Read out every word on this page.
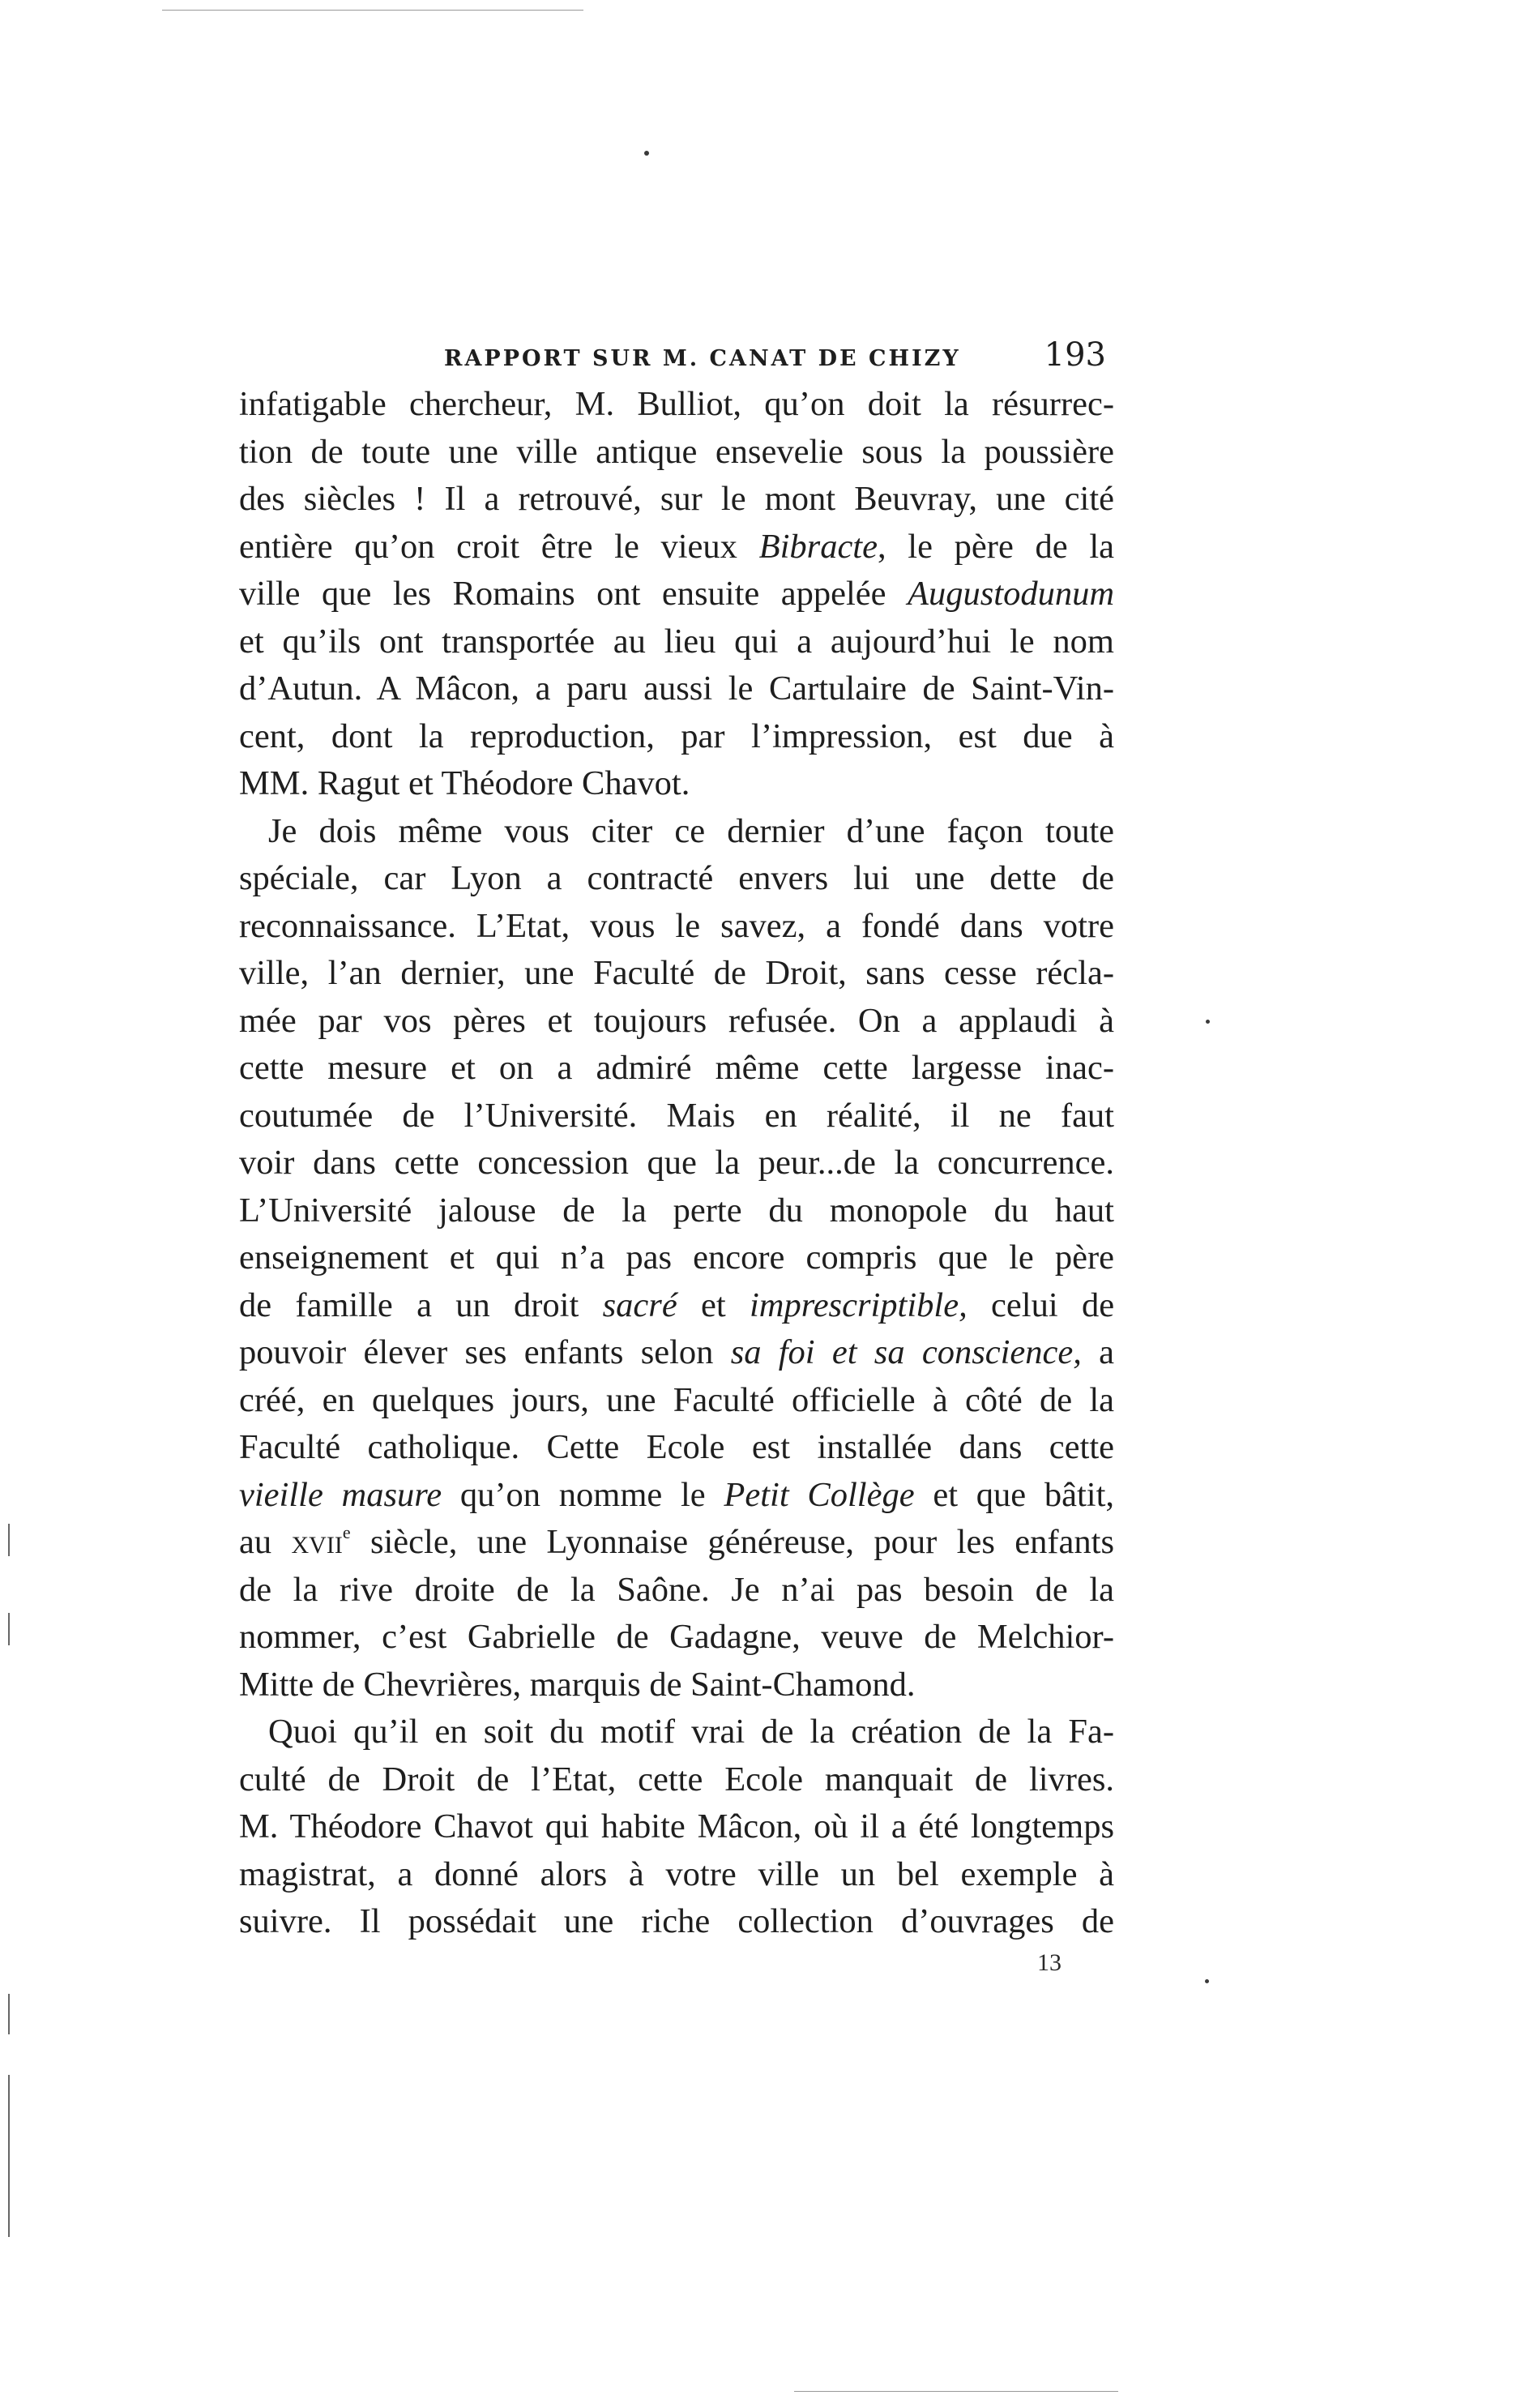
RAPPORT SUR M. CANAT DE CHIZY	193
infatigable chercheur, M. Bulliot, qu’on doit la résurrec-
tion de toute une ville antique ensevelie sous la poussière
des siècles ! Il a retrouvé, sur le mont Beuvray, une cité
entière qu’on croit être le vieux Bibracte, le père de la
ville que les Romains ont ensuite appelée Augustodunum
et qu’ils ont transportée au lieu qui a aujourd’hui le nom
d’Autun. A Mâcon, a paru aussi le Cartulaire de Saint-Vin-
cent, dont la reproduction, par l’impression, est due à
MM. Ragut et Théodore Chavot.
Je dois même vous citer ce dernier d’une façon toute
spéciale, car Lyon a contracté envers lui une dette de
reconnaissance. L’Etat, vous le savez, a fondé dans votre
ville, l’an dernier, une Faculté de Droit, sans cesse récla-
mée par vos pères et toujours refusée. On a applaudi à
cette mesure et on a admiré même cette largesse inac-
coutumée de l’Université. Mais en réalité, il ne faut
voir dans cette concession que la peur...de la concurrence.
L’Université jalouse de la perte du monopole du haut
enseignement et qui n’a pas encore compris que le père
de famille a un droit sacré et imprescriptible, celui de
pouvoir élever ses enfants selon sa foi et sa conscience, a
créé, en quelques jours, une Faculté officielle à côté de la
Faculté catholique. Cette Ecole est installée dans cette
vieille masure qu’on nomme le Petit Collège et que bâtit,
au xvii$^e$ siècle, une Lyonnaise généreuse, pour les enfants
de la rive droite de la Saône. Je n’ai pas besoin de la
nommer, c’est Gabrielle de Gadagne, veuve de Melchior-
Mitte de Chevrières, marquis de Saint-Chamond.
Quoi qu’il en soit du motif vrai de la création de la Fa-
culté de Droit de l’Etat, cette Ecole manquait de livres.
M. Théodore Chavot qui habite Mâcon, où il a été longtemps
magistrat, a donné alors à votre ville un bel exemple à
suivre. Il possédait une riche collection d’ouvrages de
13
